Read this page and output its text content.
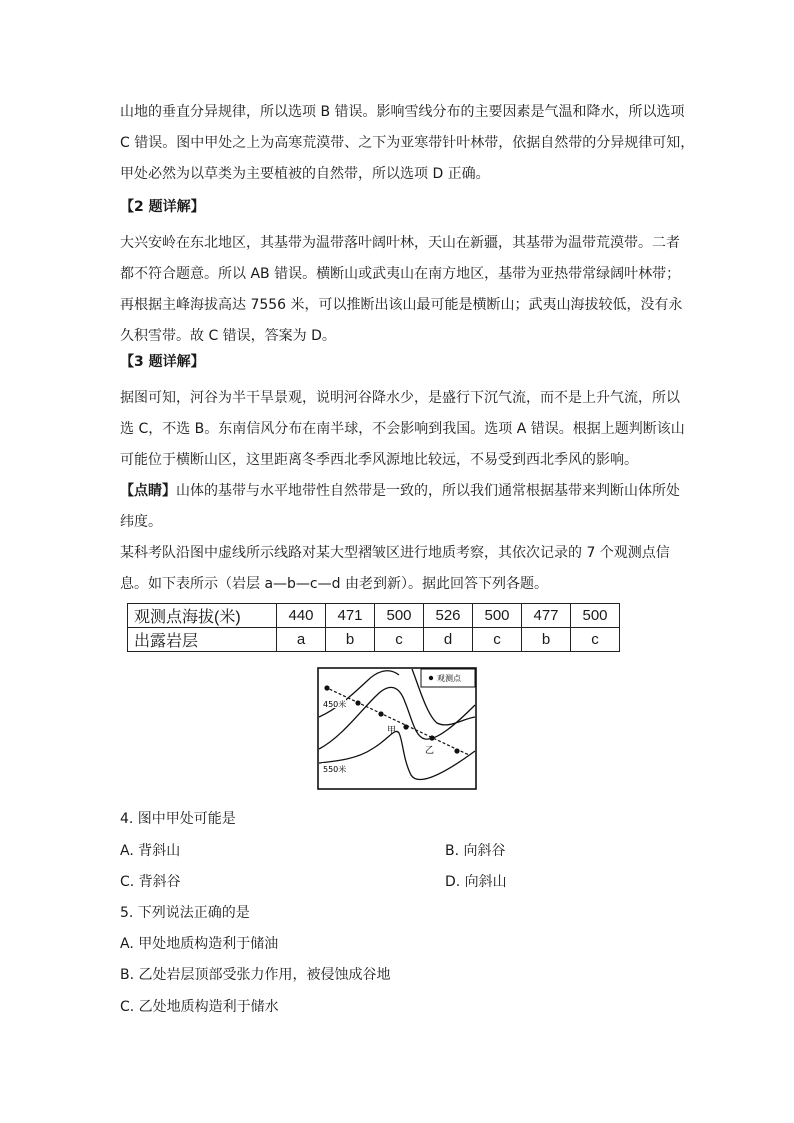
山地的垂直分异规律，所以选项 B 错误。影响雪线分布的主要因素是气温和降水，所以选项
C 错误。图中甲处之上为高寒荒漠带、之下为亚寒带针叶林带，依据自然带的分异规律可知，
甲处必然为以草类为主要植被的自然带，所以选项 D 正确。
【2 题详解】
大兴安岭在东北地区，其基带为温带落叶阔叶林，天山在新疆，其基带为温带荒漠带。二者
都不符合题意。所以 AB 错误。横断山或武夷山在南方地区，基带为亚热带常绿阔叶林带；
再根据主峰海拔高达 7556 米，可以推断出该山最可能是横断山；武夷山海拔较低，没有永
久积雪带。故 C 错误，答案为 D。
【3 题详解】
据图可知，河谷为半干旱景观，说明河谷降水少，是盛行下沉气流，而不是上升气流，所以
选 C，不选 B。东南信风分布在南半球，不会影响到我国。选项 A 错误。根据上题判断该山
可能位于横断山区，这里距离冬季西北季风源地比较远，不易受到西北季风的影响。
【点睛】山体的基带与水平地带性自然带是一致的，所以我们通常根据基带来判断山体所处
纬度。
某科考队沿图中虚线所示线路对某大型褶皱区进行地质考察，其依次记录的 7 个观测点信
息。如下表所示（岩层 a—b—c—d 由老到新）。据此回答下列各题。
观测点海拔(米)	440	471	500	526	500	477	500
出露岩层	a	b	c	d	c	b	c
观测点
450米
550米
甲
乙
4. 图中甲处可能是
A. 背斜山	B. 向斜谷
C. 背斜谷	D. 向斜山
5. 下列说法正确的是
A. 甲处地质构造利于储油
B. 乙处岩层顶部受张力作用，被侵蚀成谷地
C. 乙处地质构造利于储水
